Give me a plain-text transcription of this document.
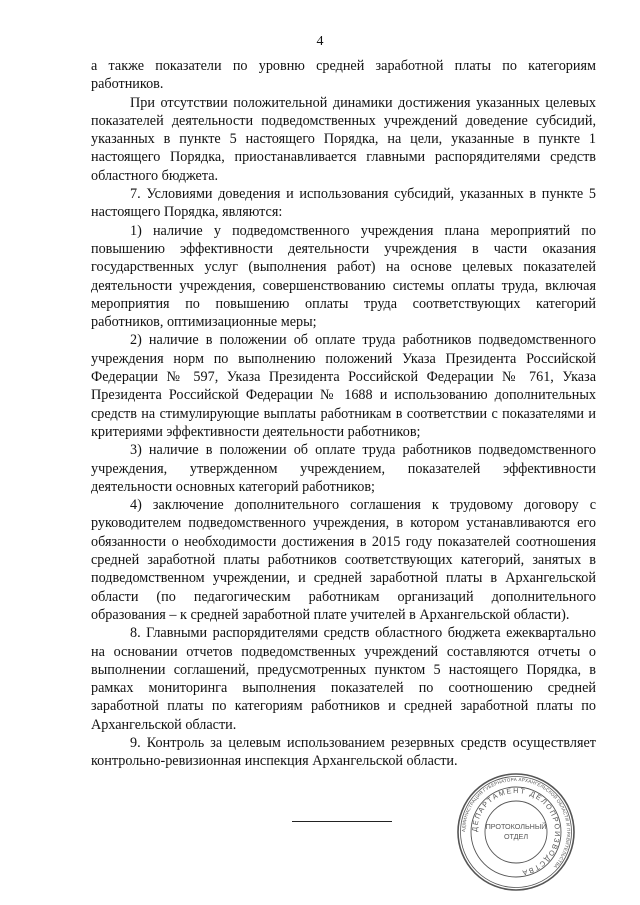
4

а также показатели по уровню средней заработной платы по категориям работников.

При отсутствии положительной динамики достижения указанных целевых показателей деятельности подведомственных учреждений доведение субсидий, указанных в пункте 5 настоящего Порядка, на цели, указанные в пункте 1 настоящего Порядка, приостанавливается главными распорядителями средств областного бюджета.

7. Условиями доведения и использования субсидий, указанных в пункте 5 настоящего Порядка, являются:

1) наличие у подведомственного учреждения плана мероприятий по повышению эффективности деятельности учреждения в части оказания государственных услуг (выполнения работ) на основе целевых показателей деятельности учреждения, совершенствованию системы оплаты труда, включая мероприятия по повышению оплаты труда соответствующих категорий работников, оптимизационные меры;

2) наличие в положении об оплате труда работников подведомственного учреждения норм по выполнению положений Указа Президента Российской Федерации № 597, Указа Президента Российской Федерации № 761, Указа Президента Российской Федерации № 1688 и использованию дополнительных средств на стимулирующие выплаты работникам в соответствии с показателями и критериями эффективности деятельности работников;

3) наличие в положении об оплате труда работников подведомственного учреждения, утвержденном учреждением, показателей эффективности деятельности основных категорий работников;

4) заключение дополнительного соглашения к трудовому договору с руководителем подведомственного учреждения, в котором устанавливаются его обязанности о необходимости достижения в 2015 году показателей соотношения средней заработной платы работников соответствующих категорий, занятых в подведомственном учреждении, и средней заработной платы в Архангельской области (по педагогическим работникам организаций дополнительного образования – к средней заработной плате учителей в Архангельской области).

8. Главными распорядителями средств областного бюджета ежеквартально на основании отчетов подведомственных учреждений составляются отчеты о выполнении соглашений, предусмотренных пунктом 5 настоящего Порядка, в рамках мониторинга выполнения показателей по соотношению средней заработной платы по категориям работников и средней заработной платы по Архангельской области.

9. Контроль за целевым использованием резервных средств осуществляет контрольно-ревизионная инспекция Архангельской области.

АДМИНИСТРАЦИЯ ГУБЕРНАТОРА АРХАНГЕЛЬСКОЙ ОБЛАСТИ И ПРАВИТЕЛЬСТВА
ДЕПАРТАМЕНТ ДЕЛОПРОИЗВОДСТВА
ПРОТОКОЛЬНЫЙ
ОТДЕЛ
